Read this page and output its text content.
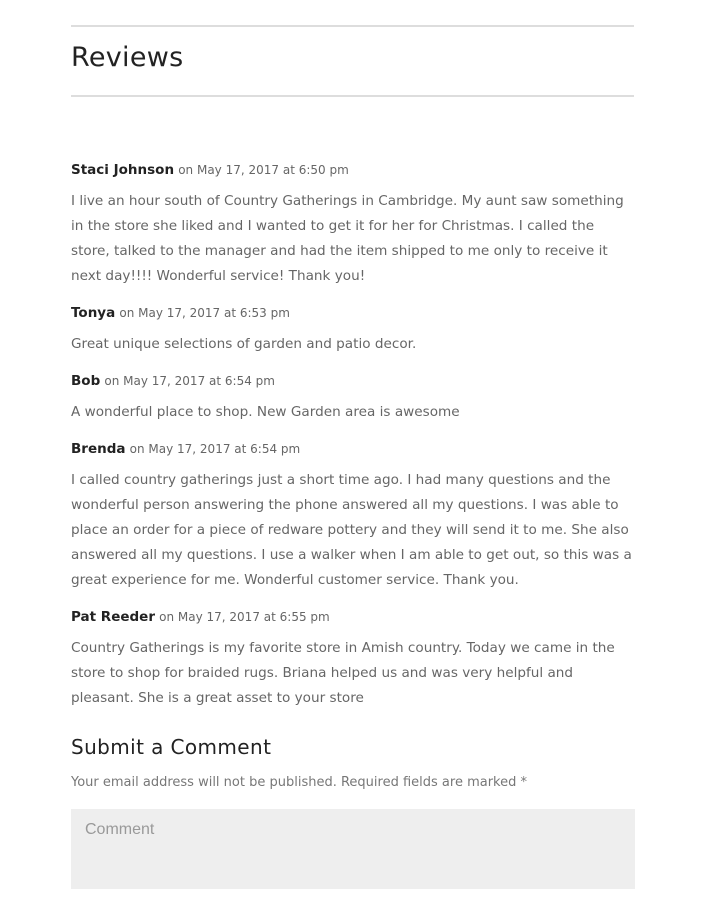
Reviews
Staci Johnson on May 17, 2017 at 6:50 pm

I live an hour south of Country Gatherings in Cambridge. My aunt saw something in the store she liked and I wanted to get it for her for Christmas. I called the store, talked to the manager and had the item shipped to me only to receive it next day!!!! Wonderful service! Thank you!

Tonya on May 17, 2017 at 6:53 pm

Great unique selections of garden and patio decor.

Bob on May 17, 2017 at 6:54 pm

A wonderful place to shop. New Garden area is awesome

Brenda on May 17, 2017 at 6:54 pm

I called country gatherings just a short time ago. I had many questions and the wonderful person answering the phone answered all my questions. I was able to place an order for a piece of redware pottery and they will send it to me. She also answered all my questions. I use a walker when I am able to get out, so this was a great experience for me. Wonderful customer service. Thank you.

Pat Reeder on May 17, 2017 at 6:55 pm

Country Gatherings is my favorite store in Amish country. Today we came in the store to shop for braided rugs. Briana helped us and was very helpful and pleasant. She is a great asset to your store

Submit a Comment
Your email address will not be published. Required fields are marked *
Comment
